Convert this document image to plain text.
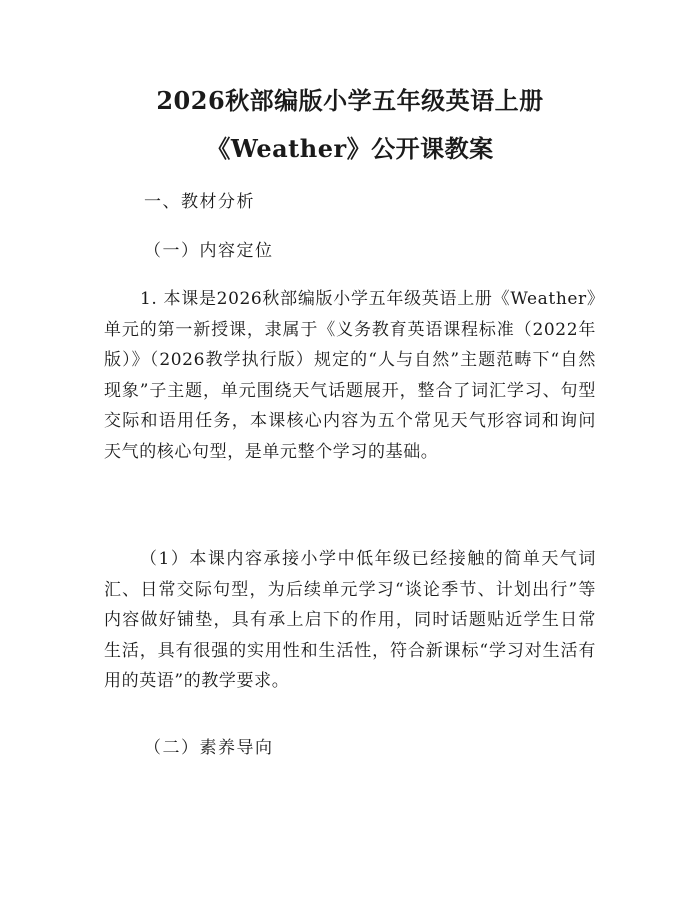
2026秋部编版小学五年级英语上册
《Weather》公开课教案
一、教材分析
（一）内容定位

1. 本课是2026秋部编版小学五年级英语上册《Weather》单元的第一新授课，隶属于《义务教育英语课程标准（2022年版）》（2026教学执行版）规定的“人与自然”主题范畴下“自然现象”子主题，单元围绕天气话题展开，整合了词汇学习、句型交际和语用任务，本课核心内容为五个常见天气形容词和询问天气的核心句型，是单元整个学习的基础。

（1）本课内容承接小学中低年级已经接触的简单天气词汇、日常交际句型，为后续单元学习“谈论季节、计划出行”等内容做好铺垫，具有承上启下的作用，同时话题贴近学生日常生活，具有很强的实用性和生活性，符合新课标“学习对生活有用的英语”的教学要求。

（二）素养导向
